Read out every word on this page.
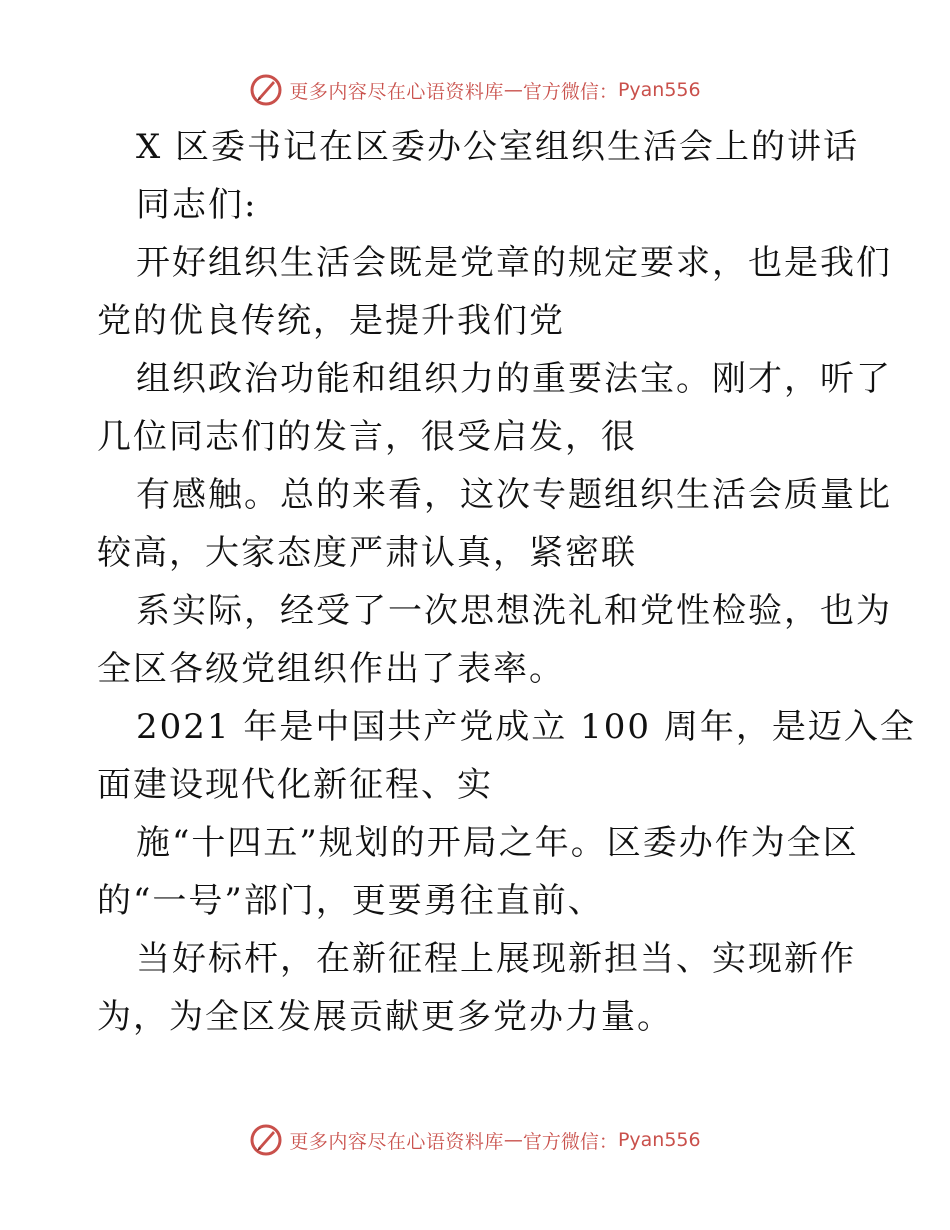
更多内容尽在心语资料库 — 官方微信： Pyan556
X 区委书记在区委办公室组织生活会上的讲话
同志们:
开好组织生活会既是党章的规定要求，也是我们
党的优良传统，是提升我们党
组织政治功能和组织力的重要法宝。刚才，听了
几位同志们的发言，很受启发，很
有感触。总的来看，这次专题组织生活会质量比
较高，大家态度严肃认真，紧密联
系实际，经受了一次思想洗礼和党性检验，也为
全区各级党组织作出了表率。
2021 年是中国共产党成立 100 周年，是迈入全
面建设现代化新征程、实
施“十四五”规划的开局之年。区委办作为全区
的“一号”部门，更要勇往直前、
当好标杆，在新征程上展现新担当、实现新作
为，为全区发展贡献更多党办力量。
更多内容尽在心语资料库 — 官方微信： Pyan556
